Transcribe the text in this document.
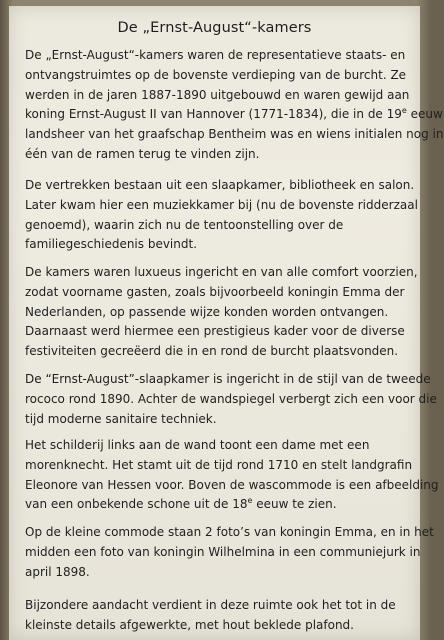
De „Ernst-August“-kamers
De „Ernst-August“-kamers waren de representatieve staats- en
ontvangstruimtes op de bovenste verdieping van de burcht. Ze
werden in de jaren 1887-1890 uitgebouwd en waren gewijd aan
koning Ernst-August II van Hannover (1771-1834), die in de 19e eeuw
landsheer van het graafschap Bentheim was en wiens initialen nog in
één van de ramen terug te vinden zijn.
De vertrekken bestaan uit een slaapkamer, bibliotheek en salon.
Later kwam hier een muziekkamer bij (nu de bovenste ridderzaal
genoemd), waarin zich nu de tentoonstelling over de
familiegeschiedenis bevindt.
De kamers waren luxueus ingericht en van alle comfort voorzien,
zodat voorname gasten, zoals bijvoorbeeld koningin Emma der
Nederlanden, op passende wijze konden worden ontvangen.
Daarnaast werd hiermee een prestigieus kader voor de diverse
festiviteiten gecreëerd die in en rond de burcht plaatsvonden.
De “Ernst-August”-slaapkamer is ingericht in de stijl van de tweede
rococo rond 1890. Achter de wandspiegel verbergt zich een voor die
tijd moderne sanitaire techniek.
Het schilderij links aan de wand toont een dame met een
morenknecht. Het stamt uit de tijd rond 1710 en stelt landgrafin
Eleonore van Hessen voor. Boven de wascommode is een afbeelding
van een onbekende schone uit de 18e eeuw te zien.
Op de kleine commode staan 2 foto’s van koningin Emma, en in het
midden een foto van koningin Wilhelmina in een communiejurk in
april 1898.
Bijzondere aandacht verdient in deze ruimte ook het tot in de
kleinste details afgewerkte, met hout beklede plafond.
